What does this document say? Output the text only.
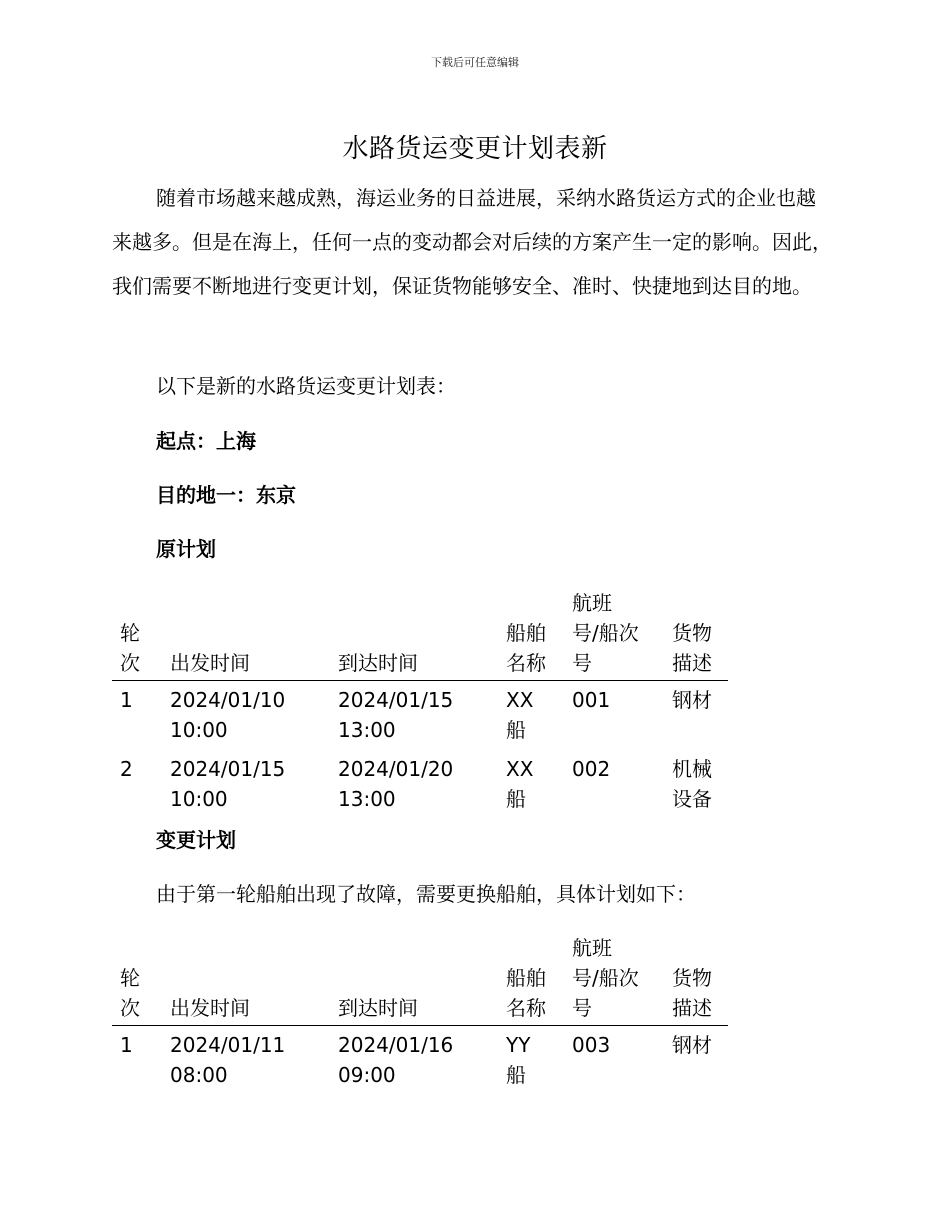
下载后可任意编辑
水路货运变更计划表新

随着市场越来越成熟，海运业务的日益进展，采纳水路货运方式的企业也越来越多。但是在海上，任何一点的变动都会对后续的方案产生一定的影响。因此，我们需要不断地进行变更计划，保证货物能够安全、准时、快捷地到达目的地。

以下是新的水路货运变更计划表：

起点：上海

目的地一：东京

原计划

轮
次	出发时间	到达时间	船舶
名称	航班
号/船次
号	货物
描述

1	2024/01/10
10:00	2024/01/15
13:00	XX
船	001	钢材

2	2024/01/15
10:00	2024/01/20
13:00	XX
船	002	机械
设备

变更计划

由于第一轮船舶出现了故障，需要更换船舶，具体计划如下：

轮
次	出发时间	到达时间	船舶
名称	航班
号/船次
号	货物
描述

1	2024/01/11
08:00	2024/01/16
09:00	YY
船	003	钢材
